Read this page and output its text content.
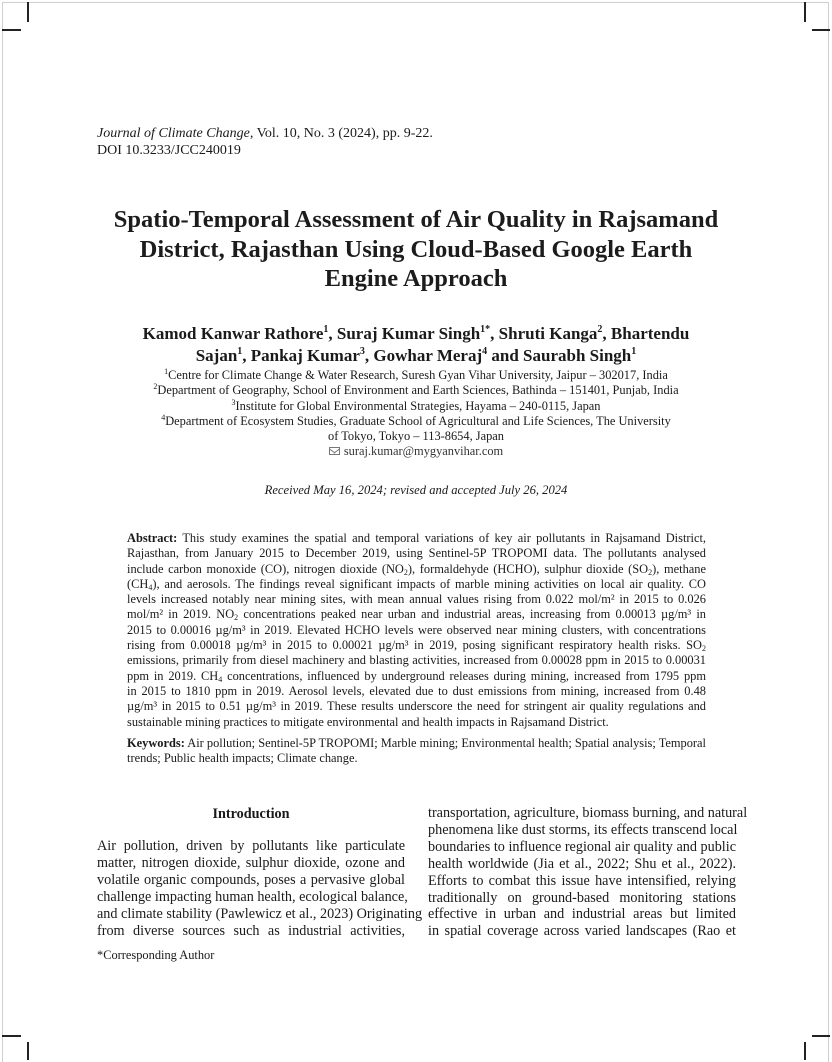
Journal of Climate Change, Vol. 10, No. 3 (2024), pp. 9-22.
DOI 10.3233/JCC240019
Spatio-Temporal Assessment of Air Quality in Rajsamand
District, Rajasthan Using Cloud-Based Google Earth
Engine Approach
Kamod Kanwar Rathore$^1$, Suraj Kumar Singh$^{1*}$, Shruti Kanga$^2$, Bhartendu
Sajan$^1$, Pankaj Kumar$^3$, Gowhar Meraj$^4$ and Saurabh Singh$^1$
$^1$Centre for Climate Change & Water Research, Suresh Gyan Vihar University, Jaipur – 302017, India
$^2$Department of Geography, School of Environment and Earth Sciences, Bathinda – 151401, Punjab, India
$^3$Institute for Global Environmental Strategies, Hayama – 240-0115, Japan
$^4$Department of Ecosystem Studies, Graduate School of Agricultural and Life Sciences, The University
of Tokyo, Tokyo – 113-8654, Japan
suraj.kumar@mygyanvihar.com
Received May 16, 2024; revised and accepted July 26, 2024
Abstract: This study examines the spatial and temporal variations of key air pollutants in Rajsamand District,
Rajasthan, from January 2015 to December 2019, using Sentinel-5P TROPOMI data. The pollutants analysed
include carbon monoxide (CO), nitrogen dioxide $(NO_2)$, formaldehyde (HCHO), sulphur dioxide $(SO_2)$, methane
$(CH_4)$, and aerosols. The findings reveal significant impacts of marble mining activities on local air quality. CO
levels increased notably near mining sites, with mean annual values rising from 0.022 mol/m² in 2015 to 0.026
mol/m² in 2019. $NO_2$ concentrations peaked near urban and industrial areas, increasing from 0.00013 µg/m³ in
2015 to 0.00016 µg/m³ in 2019. Elevated HCHO levels were observed near mining clusters, with concentrations
rising from 0.00018 µg/m³ in 2015 to 0.00021 µg/m³ in 2019, posing significant respiratory health risks. $SO_2$
emissions, primarily from diesel machinery and blasting activities, increased from 0.00028 ppm in 2015 to 0.00031
ppm in 2019. $CH_4$ concentrations, influenced by underground releases during mining, increased from 1795 ppm
in 2015 to 1810 ppm in 2019. Aerosol levels, elevated due to dust emissions from mining, increased from 0.48
µg/m³ in 2015 to 0.51 µg/m³ in 2019. These results underscore the need for stringent air quality regulations and
sustainable mining practices to mitigate environmental and health impacts in Rajsamand District.
Keywords: Air pollution; Sentinel-5P TROPOMI; Marble mining; Environmental health; Spatial analysis; Temporal
trends; Public health impacts; Climate change.
Introduction
Air pollution, driven by pollutants like particulate
matter, nitrogen dioxide, sulphur dioxide, ozone and
volatile organic compounds, poses a pervasive global
challenge impacting human health, ecological balance,
and climate stability (Pawlewicz et al., 2023) Originating
from diverse sources such as industrial activities,
transportation, agriculture, biomass burning, and natural
phenomena like dust storms, its effects transcend local
boundaries to influence regional air quality and public
health worldwide (Jia et al., 2022; Shu et al., 2022).
Efforts to combat this issue have intensified, relying
traditionally on ground-based monitoring stations
effective in urban and industrial areas but limited
in spatial coverage across varied landscapes (Rao et
*Corresponding Author
